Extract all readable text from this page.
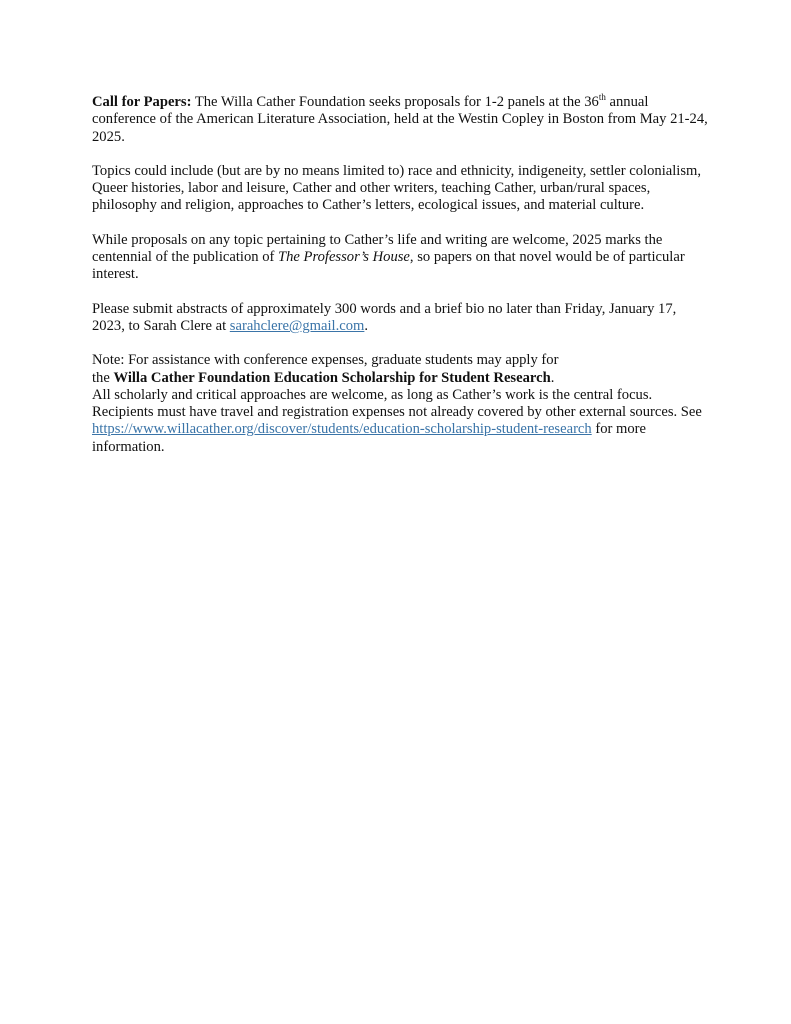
Call for Papers: The Willa Cather Foundation seeks proposals for 1-2 panels at the 36th annual conference of the American Literature Association, held at the Westin Copley in Boston from May 21-24, 2025.

Topics could include (but are by no means limited to) race and ethnicity, indigeneity, settler colonialism, Queer histories, labor and leisure, Cather and other writers, teaching Cather, urban/rural spaces, philosophy and religion, approaches to Cather’s letters, ecological issues, and material culture.

While proposals on any topic pertaining to Cather’s life and writing are welcome, 2025 marks the centennial of the publication of The Professor’s House, so papers on that novel would be of particular interest.

Please submit abstracts of approximately 300 words and a brief bio no later than Friday, January 17, 2023, to Sarah Clere at sarahclere@gmail.com.

Note: For assistance with conference expenses, graduate students may apply for
the Willa Cather Foundation Education Scholarship for Student Research.
All scholarly and critical approaches are welcome, as long as Cather’s work is the central focus. Recipients must have travel and registration expenses not already covered by other external sources. See https://www.willacather.org/discover/students/education-scholarship-student-research for more information.
